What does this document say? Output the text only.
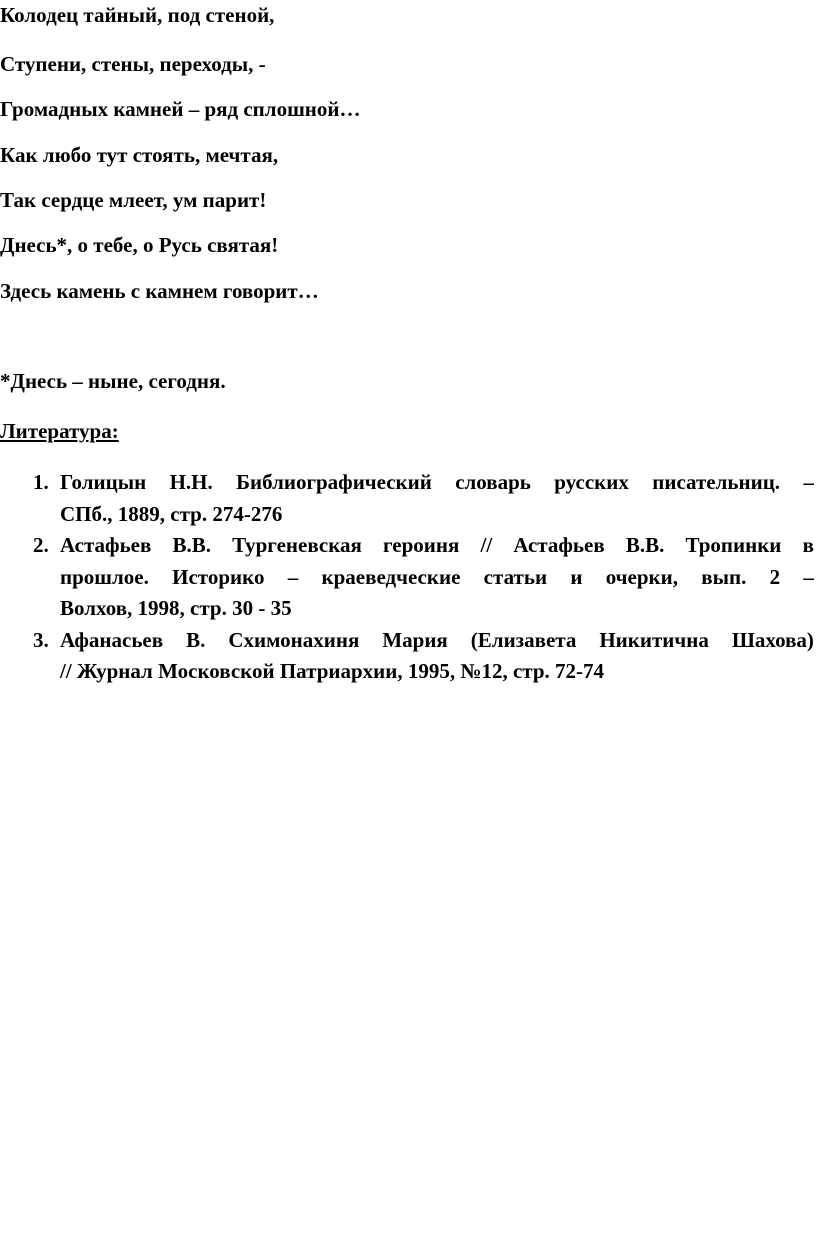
Колодец тайный, под стеной,

Ступени, стены, переходы, -

Громадных камней – ряд сплошной…

Как любо тут стоять, мечтая,

Так сердце млеет, ум парит!

Днесь*, о тебе, о Русь святая!

Здесь камень с камнем говорит…

*Днесь – ныне, сегодня.

Литература:

1. Голицын Н.Н. Библиографический словарь русских писательниц. –
СПб., 1889, стр. 274-276
2. Астафьев В.В. Тургеневская героиня // Астафьев В.В. Тропинки в
прошлое. Историко – краеведческие статьи и очерки, вып. 2 –
Волхов, 1998, стр. 30 - 35
3. Афанасьев В. Схимонахиня Мария (Елизавета Никитична Шахова)
// Журнал Московской Патриархии, 1995, №12, стр. 72-74
